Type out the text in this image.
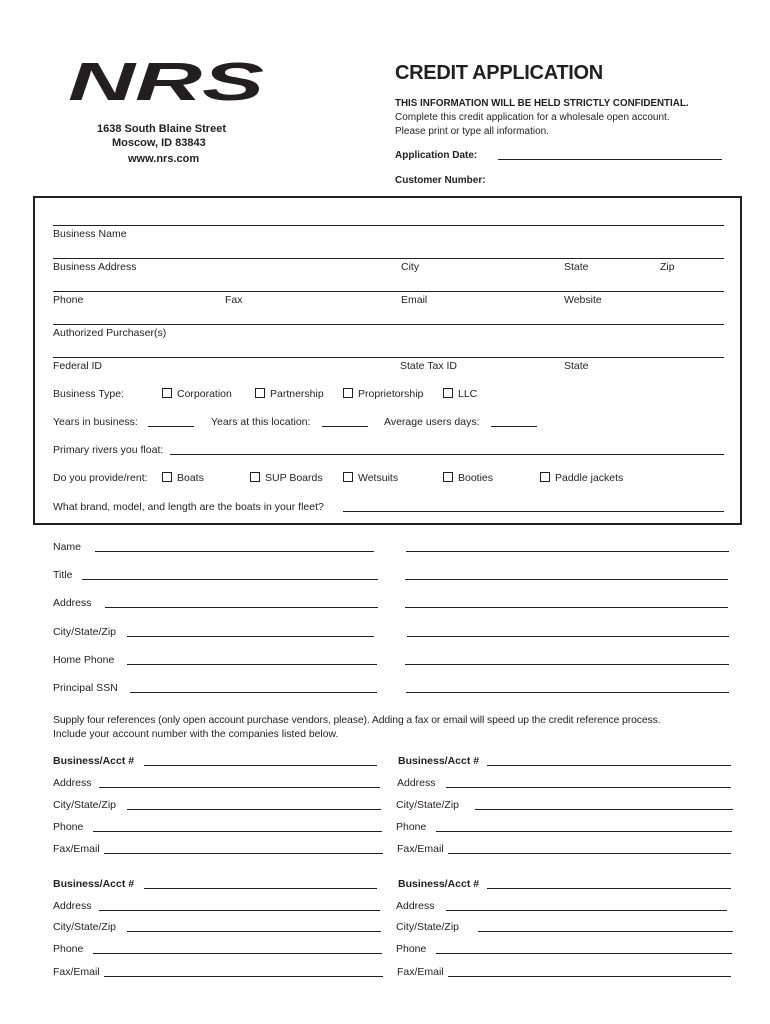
NRS
1638 South Blaine Street
Moscow, ID 83843
www.nrs.com
CREDIT APPLICATION
THIS INFORMATION WILL BE HELD STRICTLY CONFIDENTIAL.
Complete this credit application for a wholesale open account.
Please print or type all information.
Application Date:
Customer Number:
Business Name
Business Address	City	State	Zip
Phone	Fax	Email	Website
Authorized Purchaser(s)
Federal ID	State Tax ID	State
Business Type:	Corporation	Partnership	Proprietorship	LLC
Years in business:	Years at this location:	Average users days:
Primary rivers you float:
Do you provide/rent:	Boats	SUP Boards	Wetsuits	Booties	Paddle jackets
What brand, model, and length are the boats in your fleet?
Name
Title
Address
City/State/Zip
Home Phone
Principal SSN
Supply four references (only open account purchase vendors, please). Adding a fax or email will speed up the credit reference process.
Include your account number with the companies listed below.
Business/Acct #
Address
City/State/Zip
Phone
Fax/Email
Business/Acct #
Address
City/State/Zip
Phone
Fax/Email
Business/Acct #
Address
City/State/Zip
Phone
Fax/Email
Business/Acct #
Address
City/State/Zip
Phone
Fax/Email
